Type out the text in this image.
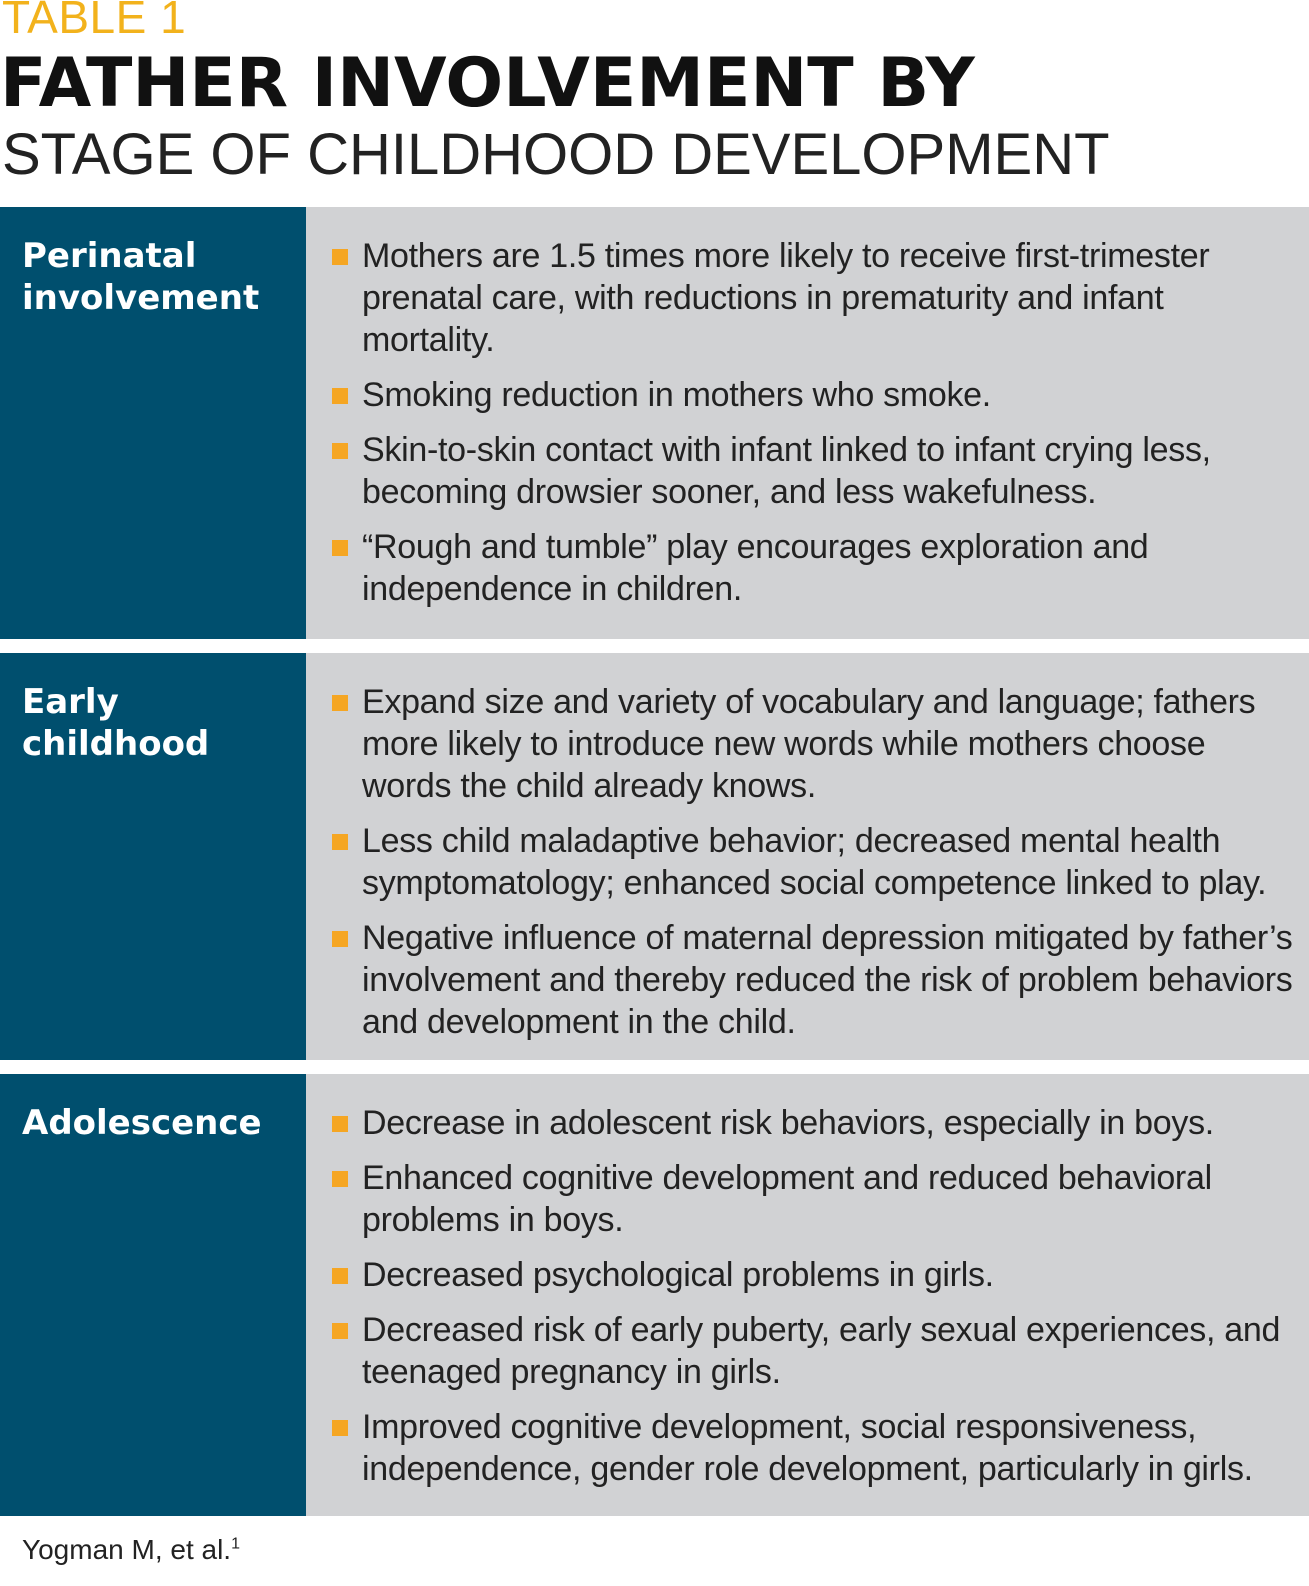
TABLE 1
FATHER INVOLVEMENT BY
STAGE OF CHILDHOOD DEVELOPMENT
Perinatal involvement
Mothers are 1.5 times more likely to receive first-trimester prenatal care, with reductions in prematurity and infant mortality.
Smoking reduction in mothers who smoke.
Skin-to-skin contact with infant linked to infant crying less, becoming drowsier sooner, and less wakefulness.
“Rough and tumble” play encourages exploration and independence in children.
Early childhood
Expand size and variety of vocabulary and language; fathers more likely to introduce new words while mothers choose words the child already knows.
Less child maladaptive behavior; decreased mental health symptomatology; enhanced social competence linked to play.
Negative influence of maternal depression mitigated by father’s involvement and thereby reduced the risk of problem behaviors and development in the child.
Adolescence	Decrease in adolescent risk behaviors, especially in boys.
Enhanced cognitive development and reduced behavioral problems in boys.
Decreased psychological problems in girls.
Decreased risk of early puberty, early sexual experiences, and teenaged pregnancy in girls.
Improved cognitive development, social responsiveness, independence, gender role development, particularly in girls.
Yogman M, et al.$^1$
